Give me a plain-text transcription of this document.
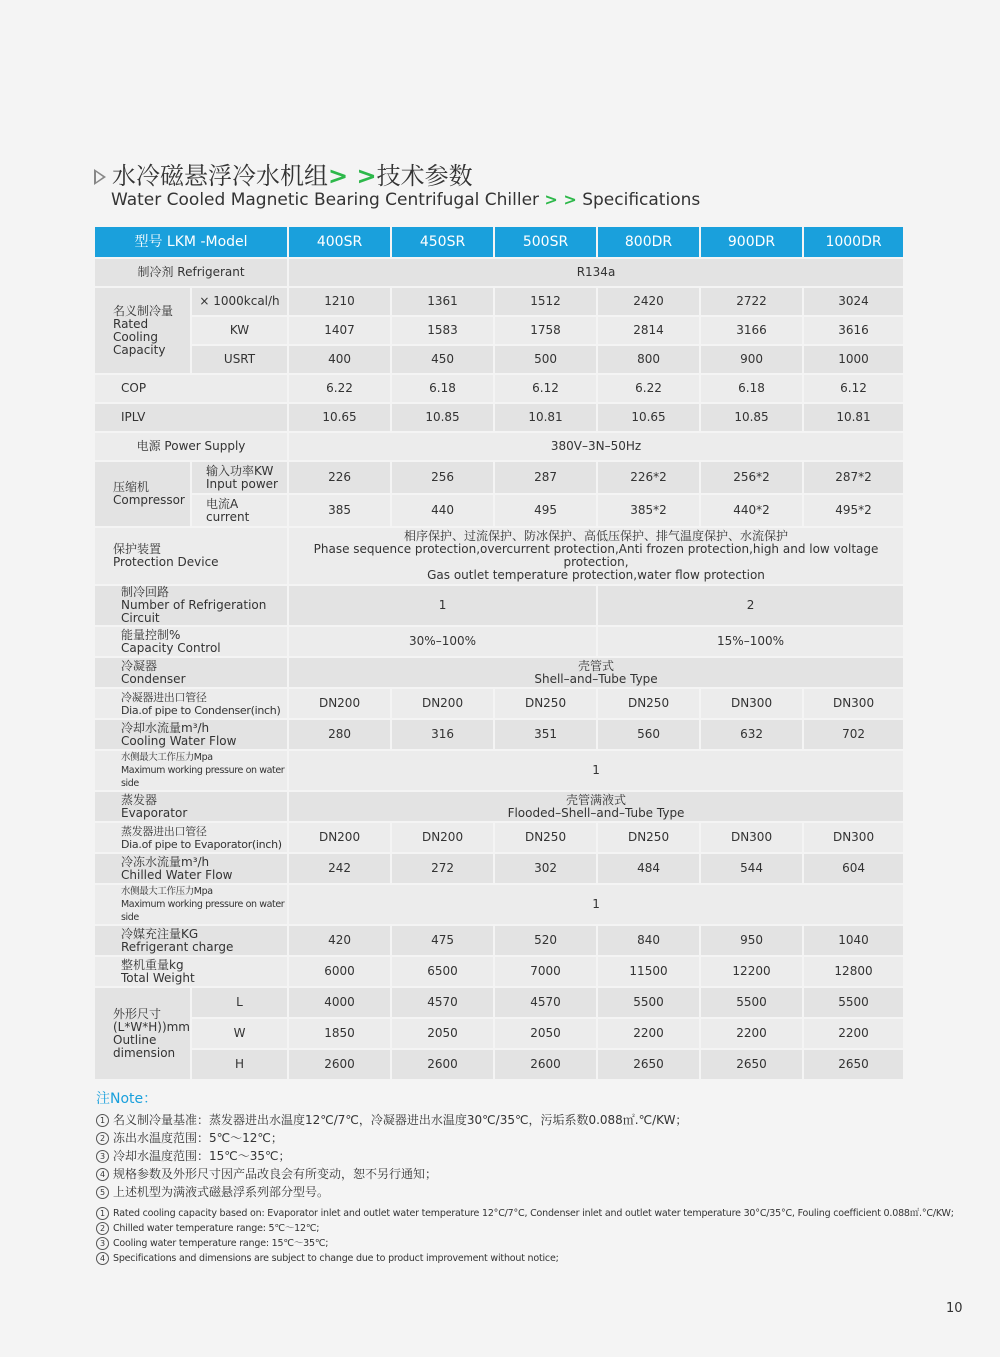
水冷磁悬浮冷水机组> >技术参数
Water Cooled Magnetic Bearing Centrifugal Chiller > > Specifications
型号 LKM -Model		400SR	450SR	500SR	800DR	900DR	1000DR
制冷剂 Refrigerant		R134a					
名义制冷量
Rated Cooling
Capacity	× 1000kcal/h	1210	1361	1512	2420	2722	3024
	KW	1407	1583	1758	2814	3166	3616
	USRT	400	450	500	800	900	1000
COP		6.22	6.18	6.12	6.22	6.18	6.12
IPLV		10.65	10.85	10.81	10.65	10.85	10.81
电源 Power Supply		380V–3N–50Hz					
压缩机
Compressor	输入功率KW
Input power	226	256	287	226*2	256*2	287*2
	电流A
current	385	440	495	385*2	440*2	495*2
保护装置
Protection Device		相序保护、过流保护、防冰保护、高低压保护、排气温度保护、水流保护
Phase sequence protection,overcurrent protection,Anti frozen protection,high and low voltage protection,
Gas outlet temperature protection,water flow protection					
制冷回路
Number of Refrigeration Circuit		1			2		
能量控制%
Capacity Control		30%–100%			15%–100%		
冷凝器
Condenser		壳管式
Shell–and–Tube Type					
冷凝器进出口管径
Dia.of pipe to Condenser(inch)		DN200	DN200	DN250	DN250	DN300	DN300
冷却水流量m³/h
Cooling Water Flow		280	316	351	560	632	702
水侧最大工作压力Mpa
Maximum working pressure on water side		1					
蒸发器
Evaporator		壳管满液式
Flooded–Shell–and–Tube Type					
蒸发器进出口管径
Dia.of pipe to Evaporator(inch)		DN200	DN200	DN250	DN250	DN300	DN300
冷冻水流量m³/h
Chilled Water Flow		242	272	302	484	544	604
水侧最大工作压力Mpa
Maximum working pressure on water side		1					
冷媒充注量KG
Refrigerant charge		420	475	520	840	950	1040
整机重量kg
Total Weight		6000	6500	7000	11500	12200	12800
外形尺寸
(L*W*H))mm
Outline dimension	L	4000	4570	4570	5500	5500	5500
	W	1850	2050	2050	2200	2200	2200
	H	2600	2600	2600	2650	2650	2650
注Note：
1 名义制冷量基准：蒸发器进出水温度12℃/7℃，冷凝器进出水温度30℃/35℃，污垢系数0.088㎡.℃/KW；
2 冻出水温度范围：5℃～12℃；
3 冷却水温度范围：15℃～35℃；
4 规格参数及外形尺寸因产品改良会有所变动，恕不另行通知；
5 上述机型为满液式磁悬浮系列部分型号。
1 Rated cooling capacity based on: Evaporator inlet and outlet water temperature 12°C/7°C, Condenser inlet and outlet water temperature 30°C/35°C, Fouling coefficient 0.088㎡.°C/KW;
2 Chilled water temperature range: 5℃～12℃;
3 Cooling water temperature range: 15℃～35℃;
4 Specifications and dimensions are subject to change due to product improvement without notice;
10
